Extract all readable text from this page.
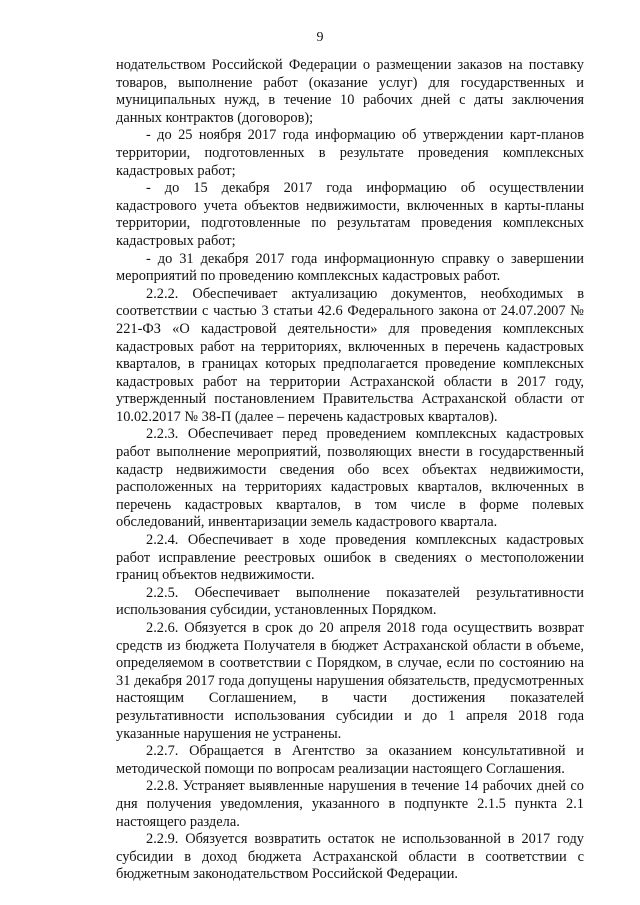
9

нодательством Российской Федерации о размещении заказов на поставку товаров, выполнение работ (оказание услуг) для государственных и муниципальных нужд, в течение 10 рабочих дней с даты заключения данных контрактов (договоров);

- до 25 ноября 2017 года информацию об утверждении карт-планов территории, подготовленных в результате проведения комплексных кадастровых работ;

- до 15 декабря 2017 года информацию об осуществлении кадастрового учета объектов недвижимости, включенных в карты-планы территории, подготовленные по результатам проведения комплексных кадастровых работ;

- до 31 декабря 2017 года информационную справку о завершении мероприятий по проведению комплексных кадастровых работ.

2.2.2. Обеспечивает актуализацию документов, необходимых в соответствии с частью 3 статьи 42.6 Федерального закона от 24.07.2007 № 221-ФЗ «О кадастровой деятельности» для проведения комплексных кадастровых работ на территориях, включенных в перечень кадастровых кварталов, в границах которых предполагается проведение комплексных кадастровых работ на территории Астраханской области в 2017 году, утвержденный постановлением Правительства Астраханской области от 10.02.2017 № 38-П (далее – перечень кадастровых кварталов).

2.2.3. Обеспечивает перед проведением комплексных кадастровых работ выполнение мероприятий, позволяющих внести в государственный кадастр недвижимости сведения обо всех объектах недвижимости, расположенных на территориях кадастровых кварталов, включенных в перечень кадастровых кварталов, в том числе в форме полевых обследований, инвентаризации земель кадастрового квартала.

2.2.4. Обеспечивает в ходе проведения комплексных кадастровых работ исправление реестровых ошибок в сведениях о местоположении границ объектов недвижимости.

2.2.5. Обеспечивает выполнение показателей результативности использования субсидии, установленных Порядком.

2.2.6. Обязуется в срок до 20 апреля 2018 года осуществить возврат средств из бюджета Получателя в бюджет Астраханской области в объеме, определяемом в соответствии с Порядком, в случае, если по состоянию на 31 декабря 2017 года допущены нарушения обязательств, предусмотренных настоящим Соглашением, в части достижения показателей результативности использования субсидии и до 1 апреля 2018 года указанные нарушения не устранены.

2.2.7. Обращается в Агентство за оказанием консультативной и методической помощи по вопросам реализации настоящего Соглашения.

2.2.8. Устраняет выявленные нарушения в течение 14 рабочих дней со дня получения уведомления, указанного в подпункте 2.1.5 пункта 2.1 настоящего раздела.

2.2.9. Обязуется возвратить остаток не использованной в 2017 году субсидии в доход бюджета Астраханской области в соответствии с бюджетным законодательством Российской Федерации.
